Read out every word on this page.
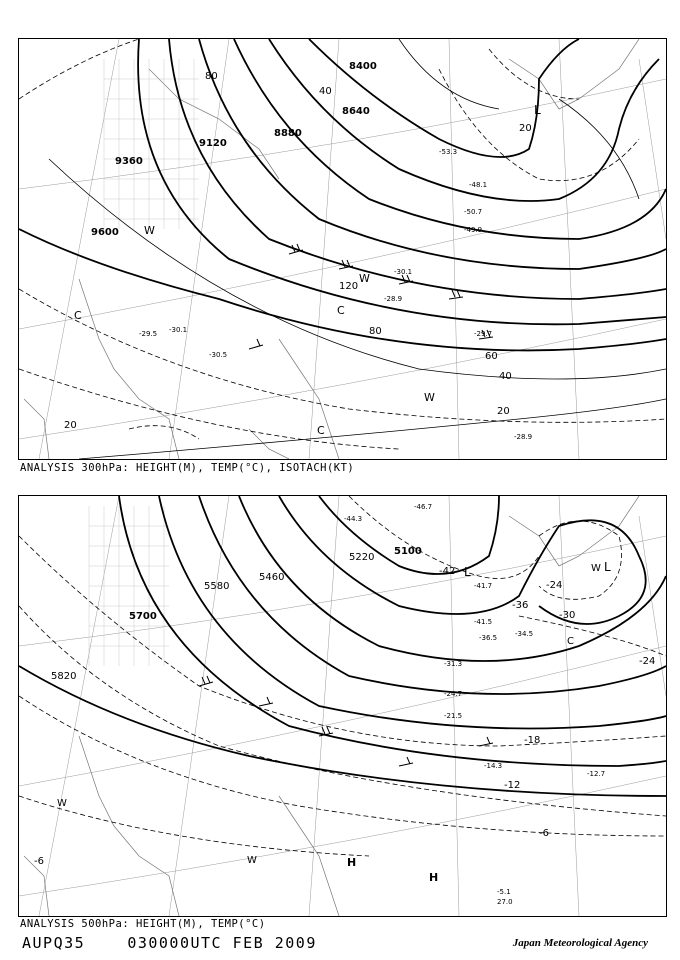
8400
8640
8880
9120
9360
9600
20
20
40
60
80
120
40
80
20
L
W
W
W
C	C
C
-53.3
-48.1
-50.7
-49.9
-30.1
-28.9
-29.7
-29.5 -30.1
-30.5
-28.9
ANALYSIS 300hPa: HEIGHT(M), TEMP(°C), ISOTACH(KT)
5100
5220
5460
5580
5700
5820
-42
-36
-30
-24
-24
-18
-12
-6
-6
L	L
W
W
W
C
H
H
-44.3
-46.7
-41.7
-41.5
-36.5	-34.5
-31.3
-24.7
-21.5
-14.3
-12.7
-5.1
27.0
ANALYSIS 500hPa: HEIGHT(M), TEMP(°C)
AUPQ35	030000UTC FEB 2009	Japan Meteorological Agency
